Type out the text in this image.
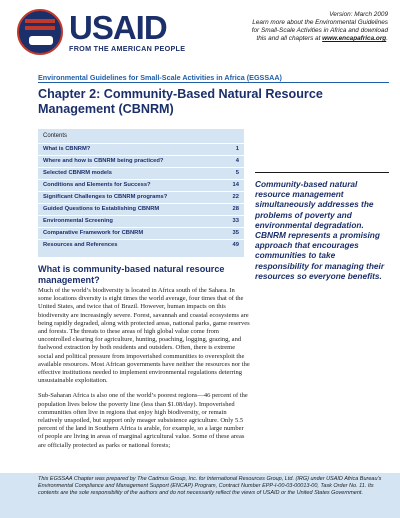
USAID
FROM THE AMERICAN PEOPLE
Version: March 2009
Learn more about the Environmental Guidelines
for Small-Scale Activities in Africa and download
this and all chapters at www.encapafrica.org.
Environmental Guidelines for Small-Scale Activities in Africa (EGSSAA)
Chapter 2: Community-Based Natural Resource Management (CBNRM)
Contents
What is CBNRM?	1
Where and how is CBNRM being practiced?	4
Selected CBNRM models	5
Conditions and Elements for Success?	14
Significant Challenges to CBNRM programs?	22
Guided Questions to Establishing CBNRM	28
Environmental Screening	33
Comparative Framework for CBNRM	35
Resources and References	49
Community-based natural resource management simultaneously addresses the problems of poverty and environmental degradation. CBNRM represents a promising approach that encourages communities to take responsibility for managing their resources so everyone benefits.
What is community-based natural resource management?

Much of the world’s biodiversity is located in Africa south of the Sahara. In some locations diversity is eight times the world average, four times that of the United States, and twice that of Brazil. However, human impacts on this biodiversity are increasingly severe. Forest, savannah and coastal ecosystems are being rapidly degraded, along with protected areas, national parks, game reserves and forests. The threats to these areas of high global value come from uncontrolled clearing for agriculture, hunting, poaching, logging, grazing, and fuelwood extraction by both residents and outsiders. Often, there is extreme social and political pressure from impoverished communities to overexploit the available resources. Most African governments have neither the resources nor the effective institutions needed to implement environmental regulations deterring unsustainable exploitation.

Sub-Saharan Africa is also one of the world’s poorest regions—46 percent of the population lives below the poverty line (less than $1.08/day). Impoverished communities often live in regions that enjoy high biodiversity, or remain relatively unspoiled, but support only meager subsistence agriculture. Only 5.5 percent of the land in Southern Africa is arable, for example, so a large number of people are living in areas of marginal agricultural value. Some of these areas are officially protected as parks or national forests;

This EGSSAA Chapter was prepared by The Cadmus Group, Inc. for International Resources Group, Ltd. (IRG) under USAID Africa Bureau’s Environmental Compliance and Management Support (ENCAP) Program, Contract Number EPP-I-00-03-00013-00, Task Order No. 11. Its contents are the sole responsibility of the authors and do not necessarily reflect the views of USAID or the United States Government.
